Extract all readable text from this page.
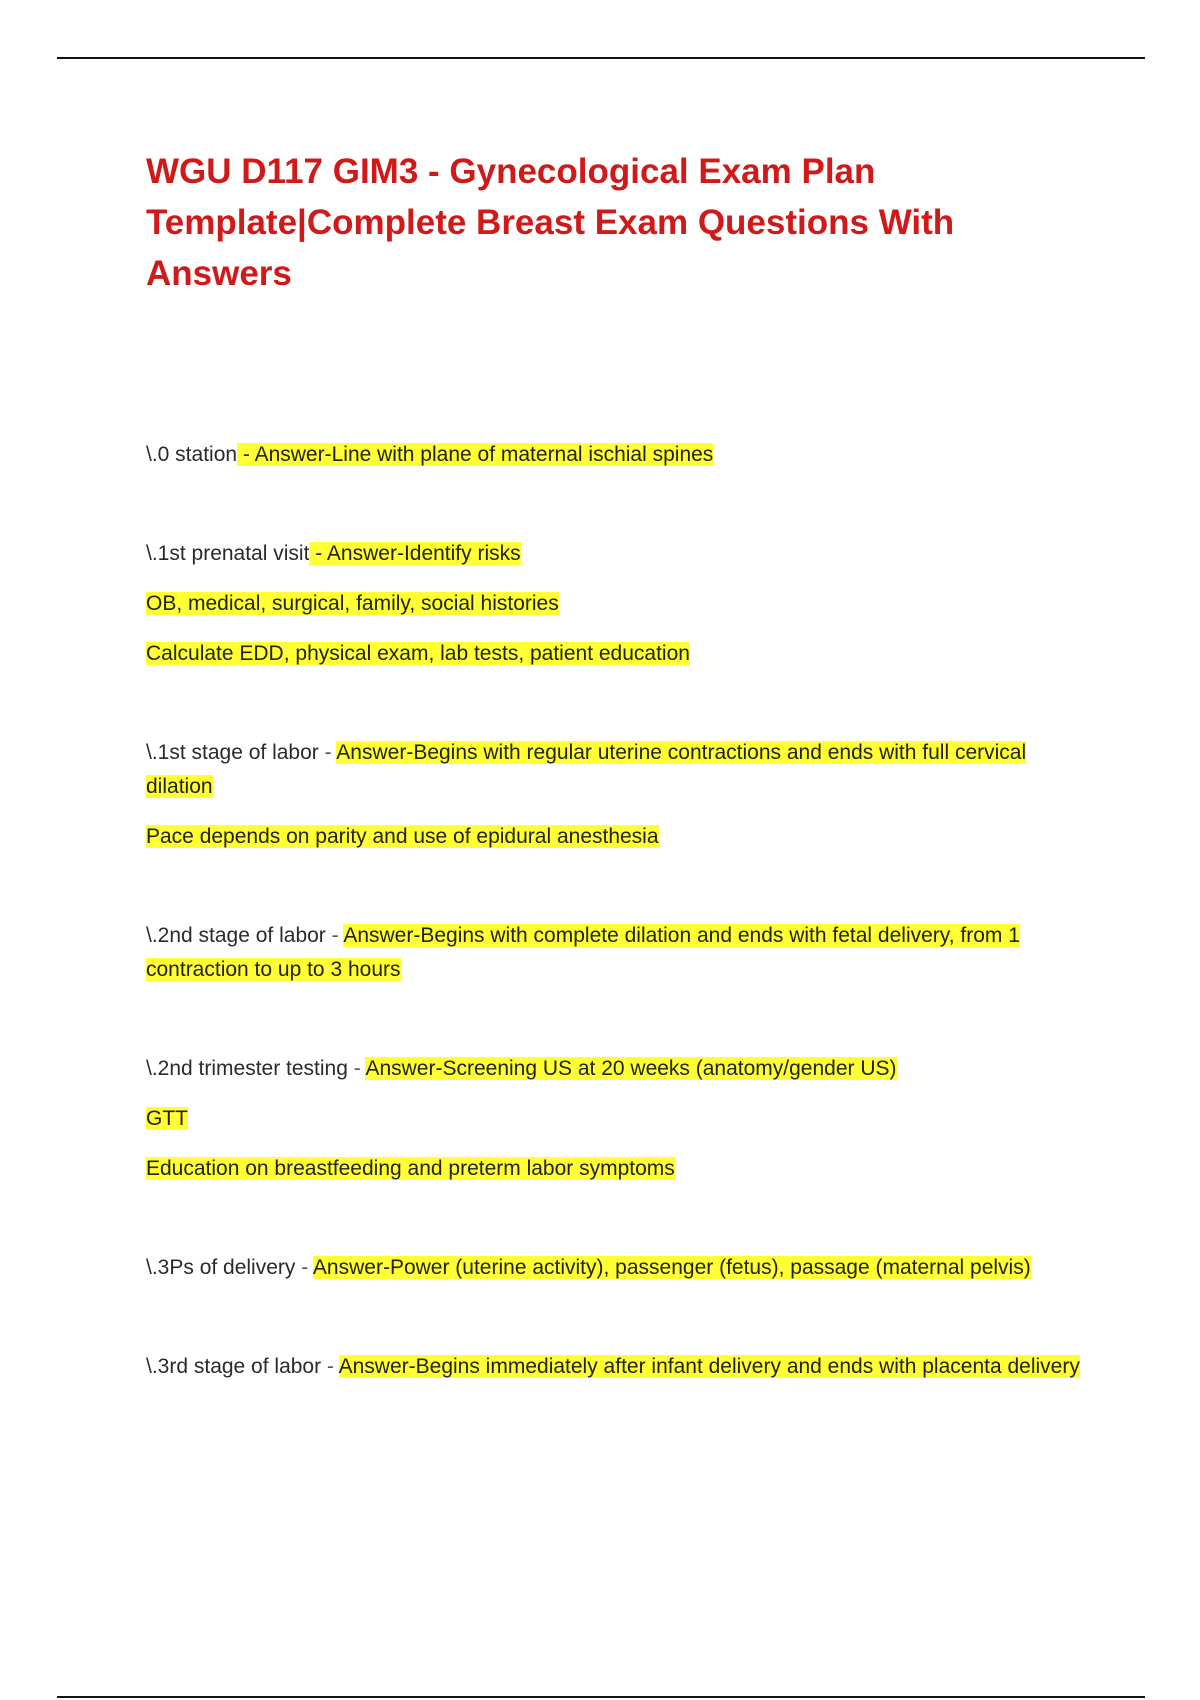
WGU D117 GIM3 - Gynecological Exam Plan Template|Complete Breast Exam Questions With Answers

\.0 station - Answer-Line with plane of maternal ischial spines

\.1st prenatal visit - Answer-Identify risks

OB, medical, surgical, family, social histories

Calculate EDD, physical exam, lab tests, patient education

\.1st stage of labor - Answer-Begins with regular uterine contractions and ends with full cervical dilation

Pace depends on parity and use of epidural anesthesia

\.2nd stage of labor - Answer-Begins with complete dilation and ends with fetal delivery, from 1 contraction to up to 3 hours

\.2nd trimester testing - Answer-Screening US at 20 weeks (anatomy/gender US)

GTT

Education on breastfeeding and preterm labor symptoms

\.3Ps of delivery - Answer-Power (uterine activity), passenger (fetus), passage (maternal pelvis)

\.3rd stage of labor - Answer-Begins immediately after infant delivery and ends with placenta delivery
